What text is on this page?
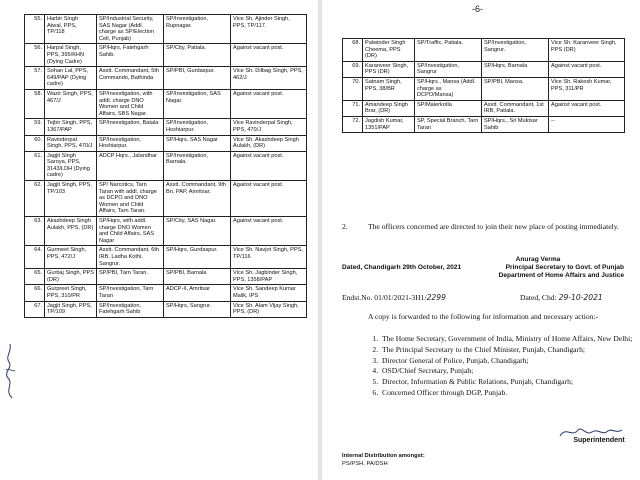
55.	Harbir Singh Atwal, PPS, TP/118	SP/Industrial Security, SAS Nagar (Addl. charge as SP/Election Cell, Punjab)	SP/Investigation, Rupnagar.	Vice Sh. Ajinder Singh, PPS, TP/117.
56.	Harpal Singh, PPS, 395/KHN (Dying Cadre)	SP/Hqrs, Fatehgarh Sahib.	SP/City, Patiala.	Against vacant post.
57.	Sohan Lal, PPS, 649/PAP (Dying cadre)	Asstt. Commandant, 5th Commando, Bathinda	SP/PBI, Gurdaspur.	Vice Sh. Dilbag Singh, PPS, 462/J
58.	Wazir Singh, PPS, 467/J	SP/Investigation, with addl. charge DNO Women and Child Affairs, SBS Nagar.	SP/Investigation, SAS Nagar.	Against vacant post.
59.	Tejbir Singh, PPS, 1367/PAP	SP/Investigation, Batala	SP/Investigation, Hoshiarpur.	Vice Ravinderpal Singh, PPS, 470/J
60.	Ravinderpal Singh, PPS, 470/J	SP/Investigation, Hoshiarpur.	SP/Hqrs, SAS Nagar	Vice Sh. Akashdeep Singh Aulakh, (DR)
61.	Jagjit Singh Saroya, PPS, 3143/LDH (Dying cadre)	ADCP Hqrs., Jalandhar	SP/Investigation, Barnala.	Against vacant post.
62.	Jagjit Singh, PPS, TP/103	SP/ Narcotics, Tarn Taran with addl. charge as DCPO and DNO Women and Child Affairs, Tarn Taran.	Asstt. Commandant, 9th Bn. PAP, Amritsar.	Against vacant post.
63.	Akashdeep Singh Aulakh, PPS, (DR)	SP/Hqrs, with addl. charge DNO Women and Child Affairs, SAS Nagar	SP/City, SAS Nagar.	Against vacant post.
64.	Gurmeet Singh, PPS, 472/J	Asstt. Commandant, 6th IRB, Ladha Kothi, Sangrur.	SP/Hqrs, Gurdaspur.	Vice Sh. Navjot Singh, PPS, TP/116
65.	Gurbaj Singh, PPS (DR)	SP/PBI, Tarn Taran.	SP/PBI, Barnala	Vice Sh. Jagbinder Singh, PPS, 1358/PAP
66.	Gurpreet Singh, PPS, 310/PR	SP/Investigation, Tarn Taran	ADCP-II, Amritsar	Vice Sh. Sandeep Kumar Malik, IPS
67.	Jagjit Singh, PPS, TP/109	SP/Investigation, Fatehgarh Sahib	SP/Hqrs, Sangrur.	Vice Sh. Alam Vijay Singh, PPS, (DR)
-6-
68.	Palwinder Singh Cheema, PPS (DR)	SP/Traffic, Patiala.	SP/Investigation, Sangrur.	Vice Sh. Karanveer Singh, PPS (DR)
69.	Karanveer Singh, PPS (DR)	SP/Investigation, Sangrur	SP/Hqrs, Barnala	Against vacant post.
70.	Satnam Singh, PPS, 38/BR	SP/Hqrs., Mansa (Addl. charge as DCPO/Mansa)	SP/PBI, Mansa.	Vice Sh. Rakesh Kumar, PPS, 311/PR
71.	Amandeep Singh Brar, (DR)	SP/Malerkotla	Asstt. Commandant, 1st IRB, Patiala.	Against vacant post.
72.	Jagdish Kumar, 1351/PAP	SP, Special Branch, Tarn Taran	SP/Hqrs., Sri Muktsar Sahib	--
2.	The officers concerned are directed to join their new place of posting immediately.
Anurag Verma
Dated, Chandigarh 29th October, 2021	Principal Secretary to Govt. of Punjab
Department of Home Affairs and Justice
Endst.No. 01/01/2021-3H1/2299	Dated, Chd: 29-10-2021
A copy is forwarded to the following for information and necessary action:-
1. The Home Secretary, Government of India, Ministry of Home Affairs, New Delhi;
2. The Principal Secretary to the Chief Minister, Punjab, Chandigarh;
3. Director General of Police, Punjab, Chandigarh;
4. OSD/Chief Secretary, Punjab;
5. Director, Information & Public Relations, Punjab, Chandigarh;
6. Concerned Officer through DGP, Punjab.
Superintendent
Internal Distribution amongst:
PS/PSH, PA/DSH
